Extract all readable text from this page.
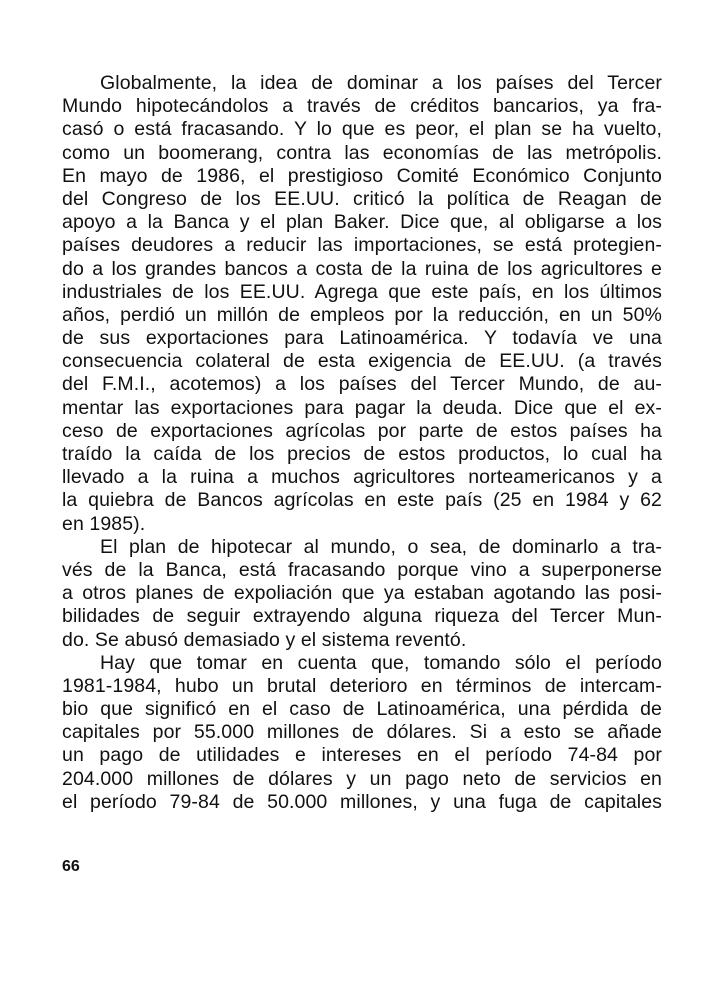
Globalmente, la idea de dominar a los países del Tercer
Mundo hipotecándolos a través de créditos bancarios, ya fra-
casó o está fracasando. Y lo que es peor, el plan se ha vuelto,
como un boomerang, contra las economías de las metrópolis.
En mayo de 1986, el prestigioso Comité Económico Conjunto
del Congreso de los EE.UU. criticó la política de Reagan de
apoyo a la Banca y el plan Baker. Dice que, al obligarse a los
países deudores a reducir las importaciones, se está protegien-
do a los grandes bancos a costa de la ruina de los agricultores e
industriales de los EE.UU. Agrega que este país, en los últimos
años, perdió un millón de empleos por la reducción, en un 50%
de sus exportaciones para Latinoamérica. Y todavía ve una
consecuencia colateral de esta exigencia de EE.UU. (a través
del F.M.I., acotemos) a los países del Tercer Mundo, de au-
mentar las exportaciones para pagar la deuda. Dice que el ex-
ceso de exportaciones agrícolas por parte de estos países ha
traído la caída de los precios de estos productos, lo cual ha
llevado a la ruina a muchos agricultores norteamericanos y a
la quiebra de Bancos agrícolas en este país (25 en 1984 y 62
en 1985).
El plan de hipotecar al mundo, o sea, de dominarlo a tra-
vés de la Banca, está fracasando porque vino a superponerse
a otros planes de expoliación que ya estaban agotando las posi-
bilidades de seguir extrayendo alguna riqueza del Tercer Mun-
do. Se abusó demasiado y el sistema reventó.
Hay que tomar en cuenta que, tomando sólo el período
1981-1984, hubo un brutal deterioro en términos de intercam-
bio que significó en el caso de Latinoamérica, una pérdida de
capitales por 55.000 millones de dólares. Si a esto se añade
un pago de utilidades e intereses en el período 74-84 por
204.000 millones de dólares y un pago neto de servicios en
el período 79-84 de 50.000 millones, y una fuga de capitales
66
